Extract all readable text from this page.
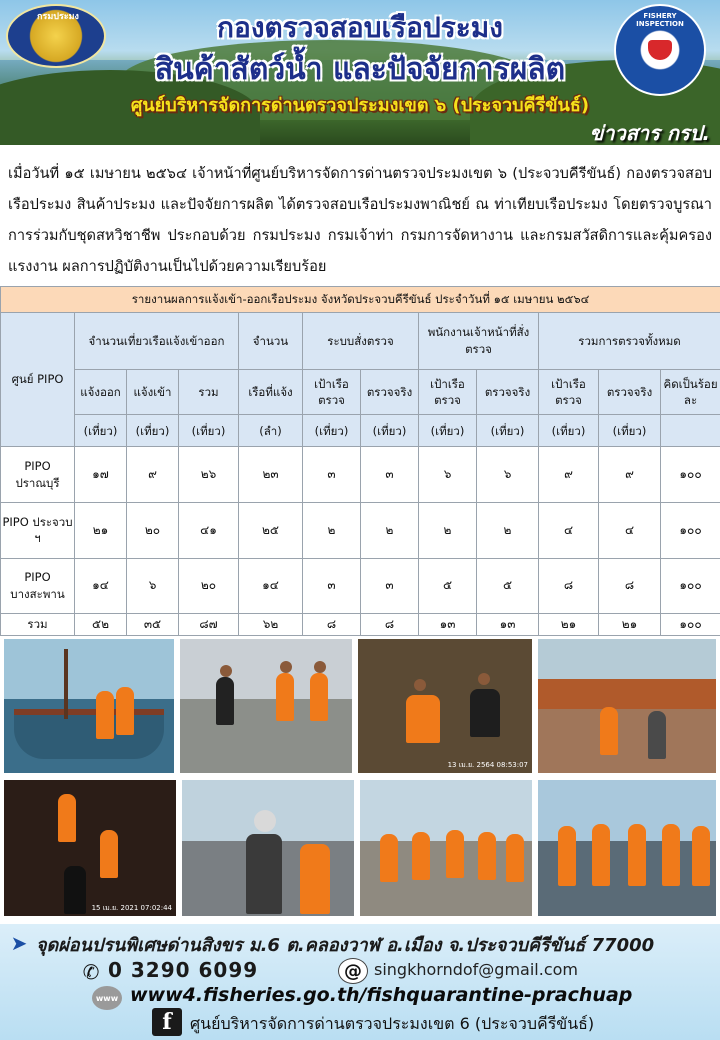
กรมประมง	FISHERY INSPECTION
กองตรวจสอบเรือประมง
สินค้าสัตว์น้ำ และปัจจัยการผลิต
ศูนย์บริหารจัดการด่านตรวจประมงเขต ๖ (ประจวบคีรีขันธ์)
ข่าวสาร กรป.
เมื่อวันที่ ๑๕ เมษายน ๒๕๖๔ เจ้าหน้าที่ศูนย์บริหารจัดการด่านตรวจประมงเขต ๖ (ประจวบคีรีขันธ์) กองตรวจสอบเรือประมง สินค้าประมง และปัจจัยการผลิต ได้ตรวจสอบเรือประมงพาณิชย์ ณ ท่าเทียบเรือประมง โดยตรวจบูรณาการร่วมกับชุดสหวิชาชีพ ประกอบด้วย กรมประมง กรมเจ้าท่า กรมการจัดหางาน และกรมสวัสดิการและคุ้มครองแรงงาน ผลการปฏิบัติงานเป็นไปด้วยความเรียบร้อย
รายงานผลการแจ้งเข้า-ออกเรือประมง จังหวัดประจวบคีรีขันธ์ ประจำวันที่ ๑๕ เมษายน ๒๕๖๔											
ศูนย์ PIPO	จำนวนเที่ยวเรือแจ้งเข้าออก			จำนวน	ระบบสั่งตรวจ		พนักงานเจ้าหน้าที่สั่งตรวจ		รวมการตรวจทั้งหมด		
	แจ้งออก	แจ้งเข้า	รวม	เรือที่แจ้ง	เป้าเรือตรวจ	ตรวจจริง	เป้าเรือตรวจ	ตรวจจริง	เป้าเรือตรวจ	ตรวจจริง	คิดเป็นร้อยละ
	(เที่ยว)	(เที่ยว)	(เที่ยว)	(ลำ)	(เที่ยว)	(เที่ยว)	(เที่ยว)	(เที่ยว)	(เที่ยว)	(เที่ยว)	
PIPO ปราณบุรี	๑๗	๙	๒๖	๒๓	๓	๓	๖	๖	๙	๙	๑๐๐
PIPO ประจวบ ฯ	๒๑	๒๐	๔๑	๒๕	๒	๒	๒	๒	๔	๔	๑๐๐
PIPO บางสะพาน	๑๔	๖	๒๐	๑๔	๓	๓	๕	๕	๘	๘	๑๐๐
รวม	๕๒	๓๕	๘๗	๖๒	๘	๘	๑๓	๑๓	๒๑	๒๑	๑๐๐
13 เม.ย. 2564 08:53:07
15 เม.ย. 2021 07:02:44
➤ จุดผ่อนปรนพิเศษด่านสิงขร ม.6 ต.คลองวาฬ อ.เมือง จ.ประจวบคีรีขันธ์ 77000
✆ 0 3290 6099	@ singkhorndof@gmail.com
www www4.fisheries.go.th/fishquarantine-prachuap
f	ศูนย์บริหารจัดการด่านตรวจประมงเขต 6 (ประจวบคีรีขันธ์)
